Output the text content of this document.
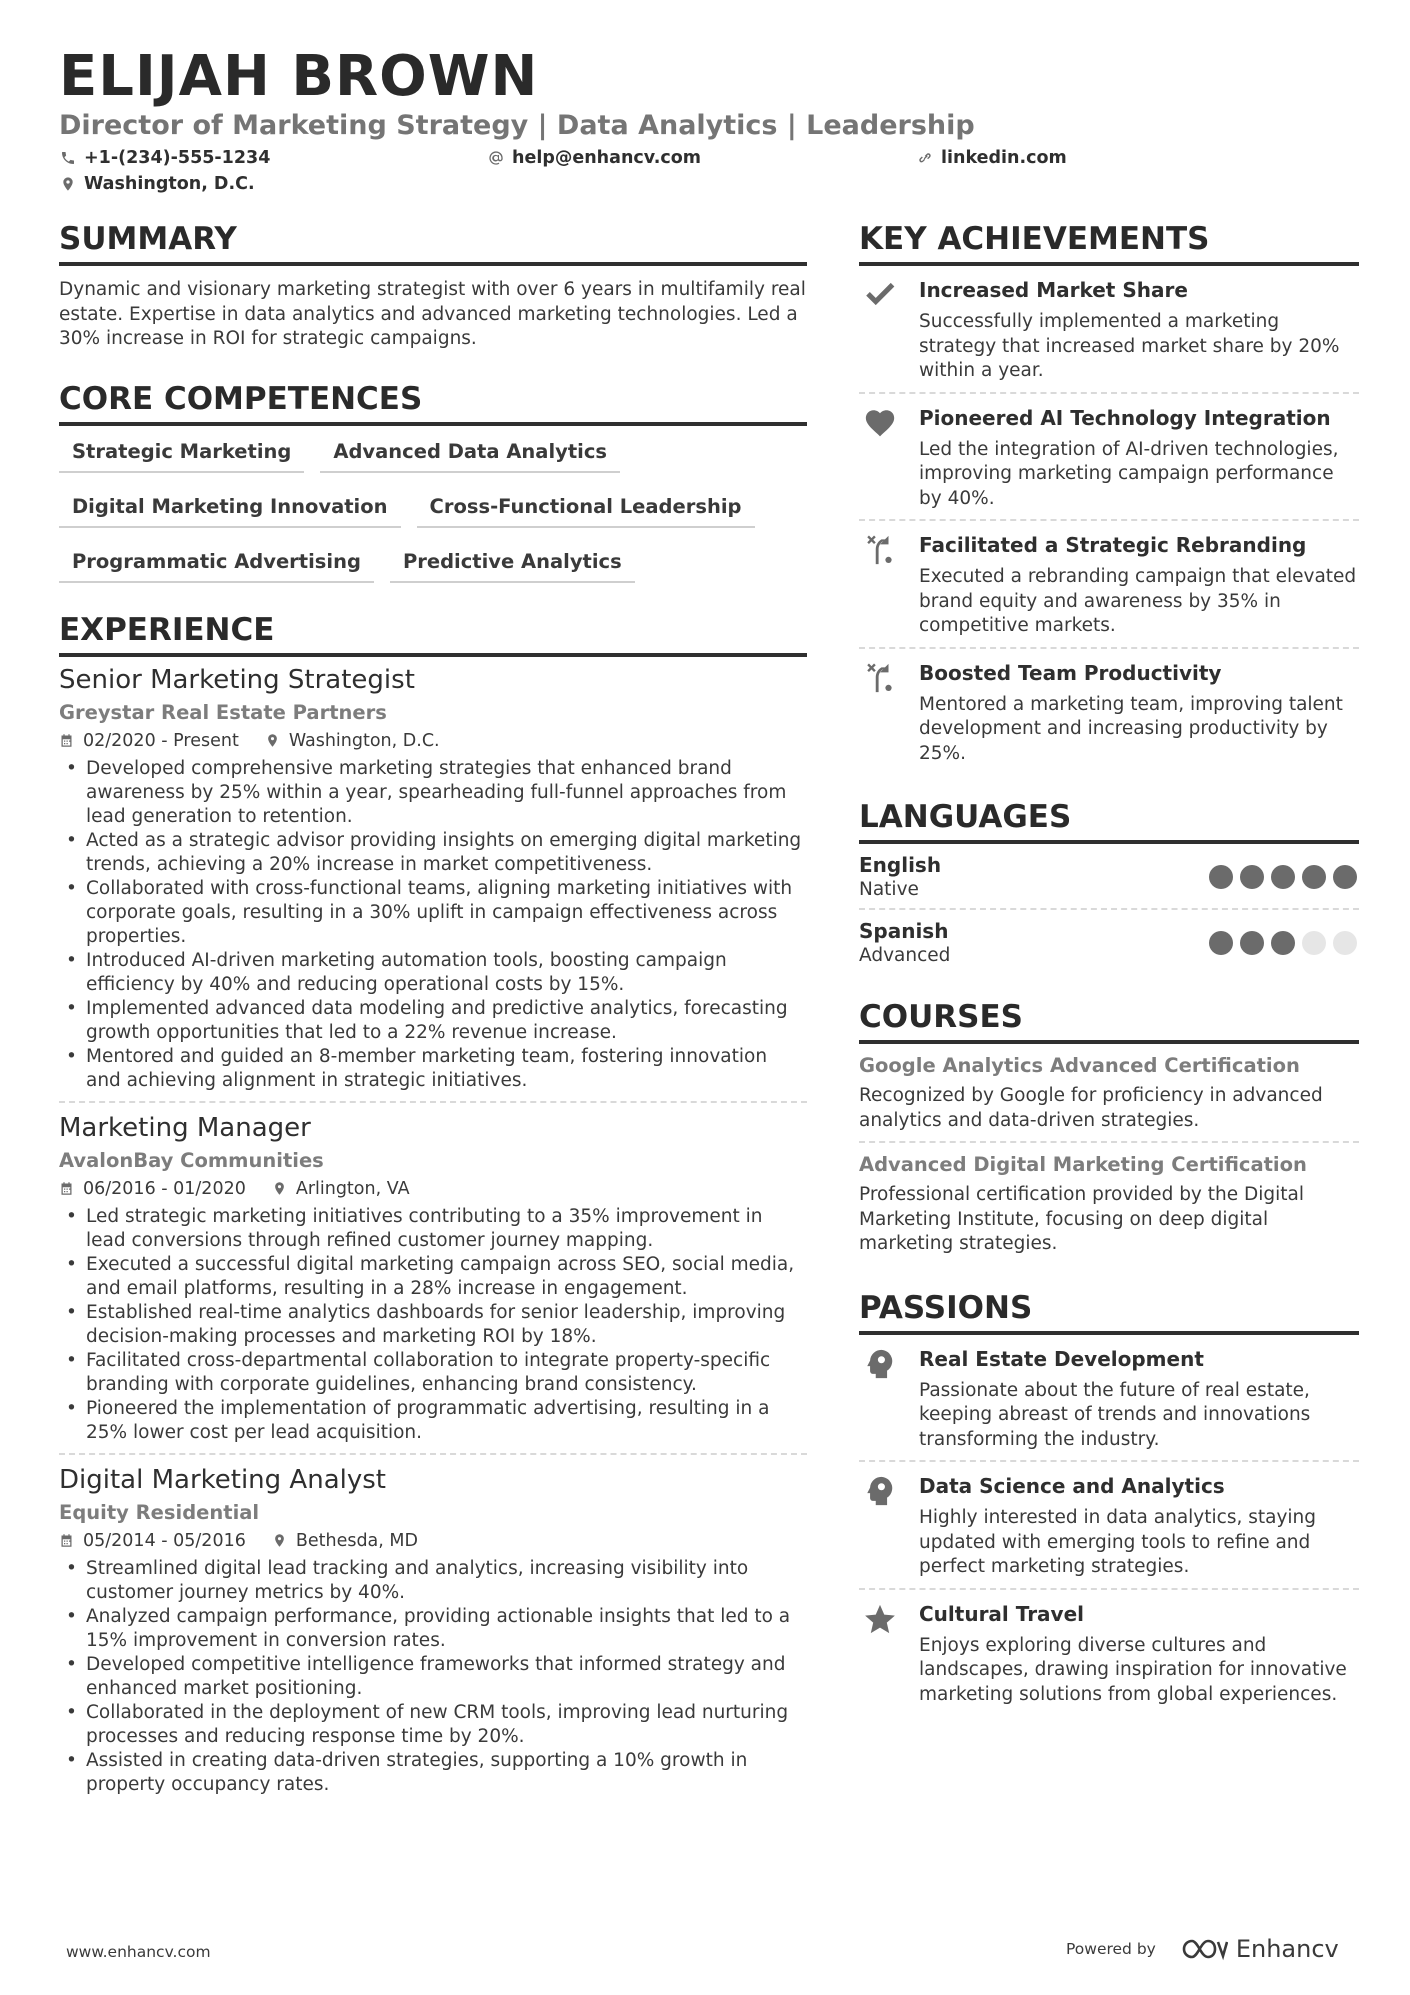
ELIJAH BROWN
Director of Marketing Strategy | Data Analytics | Leadership
+1-(234)-555-1234	help@enhancv.com	linkedin.com
Washington, D.C.
SUMMARY
Dynamic and visionary marketing strategist with over 6 years in multifamily real estate. Expertise in data analytics and advanced marketing technologies. Led a 30% increase in ROI for strategic campaigns.
CORE COMPETENCES
Strategic Marketing	Advanced Data Analytics
Digital Marketing Innovation	Cross-Functional Leadership
Programmatic Advertising	Predictive Analytics
EXPERIENCE
Senior Marketing Strategist
Greystar Real Estate Partners
02/2020 - Present	Washington, D.C.
• Developed comprehensive marketing strategies that enhanced brand awareness by 25% within a year, spearheading full-funnel approaches from lead generation to retention.
• Acted as a strategic advisor providing insights on emerging digital marketing trends, achieving a 20% increase in market competitiveness.
• Collaborated with cross-functional teams, aligning marketing initiatives with corporate goals, resulting in a 30% uplift in campaign effectiveness across properties.
• Introduced AI-driven marketing automation tools, boosting campaign efficiency by 40% and reducing operational costs by 15%.
• Implemented advanced data modeling and predictive analytics, forecasting growth opportunities that led to a 22% revenue increase.
• Mentored and guided an 8-member marketing team, fostering innovation and achieving alignment in strategic initiatives.
Marketing Manager
AvalonBay Communities
06/2016 - 01/2020	Arlington, VA
• Led strategic marketing initiatives contributing to a 35% improvement in lead conversions through refined customer journey mapping.
• Executed a successful digital marketing campaign across SEO, social media, and email platforms, resulting in a 28% increase in engagement.
• Established real-time analytics dashboards for senior leadership, improving decision-making processes and marketing ROI by 18%.
• Facilitated cross-departmental collaboration to integrate property-specific branding with corporate guidelines, enhancing brand consistency.
• Pioneered the implementation of programmatic advertising, resulting in a 25% lower cost per lead acquisition.
Digital Marketing Analyst
Equity Residential
05/2014 - 05/2016	Bethesda, MD
• Streamlined digital lead tracking and analytics, increasing visibility into customer journey metrics by 40%.
• Analyzed campaign performance, providing actionable insights that led to a 15% improvement in conversion rates.
• Developed competitive intelligence frameworks that informed strategy and enhanced market positioning.
• Collaborated in the deployment of new CRM tools, improving lead nurturing processes and reducing response time by 20%.
• Assisted in creating data-driven strategies, supporting a 10% growth in property occupancy rates.
KEY ACHIEVEMENTS
Increased Market Share
Successfully implemented a marketing strategy that increased market share by 20% within a year.
Pioneered AI Technology Integration
Led the integration of AI-driven technologies, improving marketing campaign performance by 40%.
Facilitated a Strategic Rebranding
Executed a rebranding campaign that elevated brand equity and awareness by 35% in competitive markets.
Boosted Team Productivity
Mentored a marketing team, improving talent development and increasing productivity by 25%.
LANGUAGES
English
Native
Spanish
Advanced
COURSES
Google Analytics Advanced Certification
Recognized by Google for proficiency in advanced analytics and data-driven strategies.
Advanced Digital Marketing Certification
Professional certification provided by the Digital Marketing Institute, focusing on deep digital marketing strategies.
PASSIONS
Real Estate Development
Passionate about the future of real estate, keeping abreast of trends and innovations transforming the industry.
Data Science and Analytics
Highly interested in data analytics, staying updated with emerging tools to refine and perfect marketing strategies.
Cultural Travel
Enjoys exploring diverse cultures and landscapes, drawing inspiration for innovative marketing solutions from global experiences.
www.enhancv.com	Powered by	Enhancv
